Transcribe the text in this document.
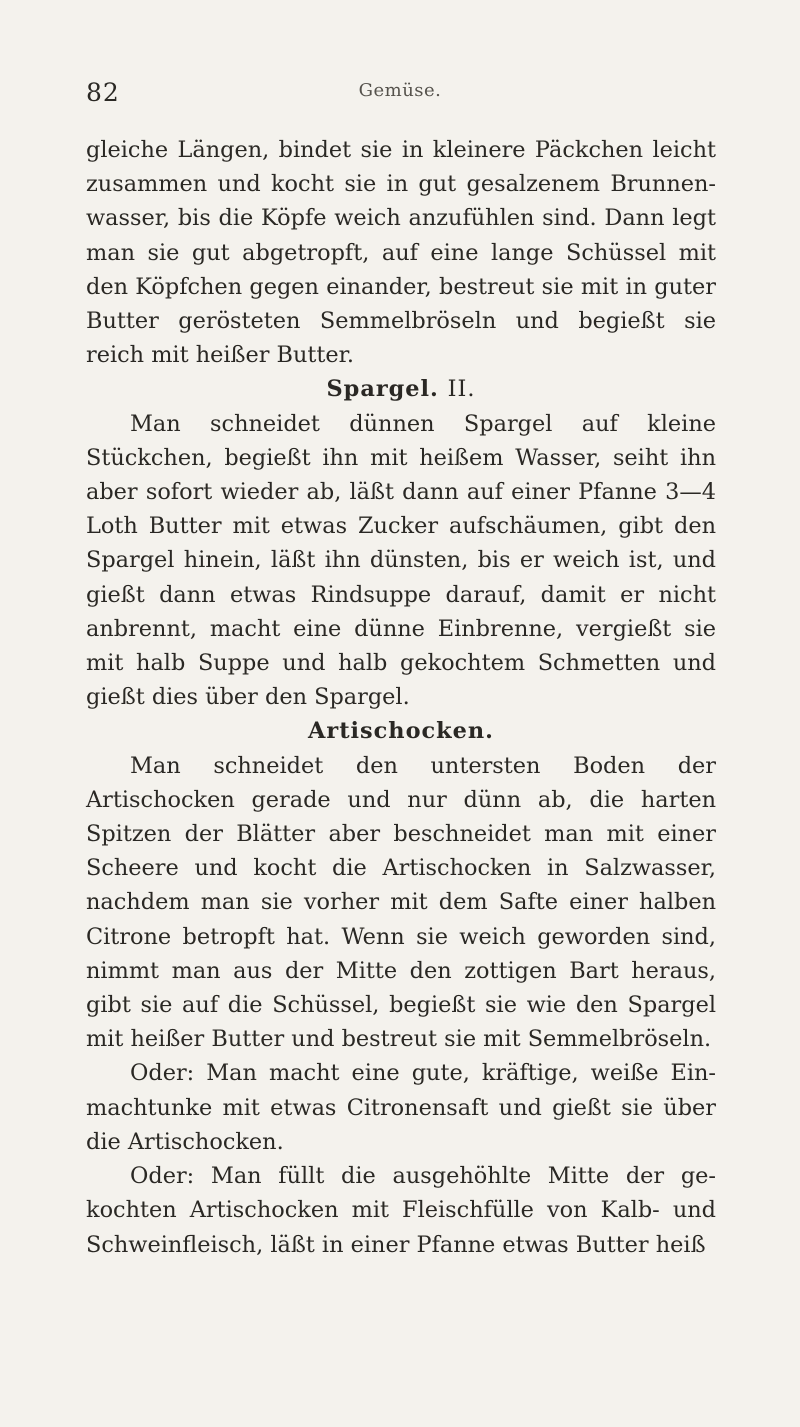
82	Gemüse.

gleiche Längen, bindet sie in kleinere Päckchen leicht zusammen und kocht sie in gut gesalzenem Brunnen-wasser, bis die Köpfe weich anzufühlen sind. Dann legt man sie gut abgetropft, auf eine lange Schüssel mit den Köpfchen gegen einander, bestreut sie mit in guter Butter gerösteten Semmelbröseln und begießt sie reich mit heißer Butter.

Spargel. II.

Man schneidet dünnen Spargel auf kleine Stückchen, begießt ihn mit heißem Wasser, seiht ihn aber sofort wieder ab, läßt dann auf einer Pfanne 3—4 Loth Butter mit etwas Zucker aufschäumen, gibt den Spargel hinein, läßt ihn dünsten, bis er weich ist, und gießt dann etwas Rindsuppe darauf, damit er nicht anbrennt, macht eine dünne Einbrenne, vergießt sie mit halb Suppe und halb gekochtem Schmetten und gießt dies über den Spargel.

Artischocken.

Man schneidet den untersten Boden der Artischocken gerade und nur dünn ab, die harten Spitzen der Blätter aber beschneidet man mit einer Scheere und kocht die Artischocken in Salzwasser, nachdem man sie vorher mit dem Safte einer halben Citrone betropft hat. Wenn sie weich geworden sind, nimmt man aus der Mitte den zottigen Bart heraus, gibt sie auf die Schüssel, begießt sie wie den Spargel mit heißer Butter und bestreut sie mit Semmelbröseln.

Oder: Man macht eine gute, kräftige, weiße Ein-machtunke mit etwas Citronensaft und gießt sie über die Artischocken.

Oder: Man füllt die ausgehöhlte Mitte der ge-kochten Artischocken mit Fleischfülle von Kalb- und Schweinfleisch, läßt in einer Pfanne etwas Butter heiß
